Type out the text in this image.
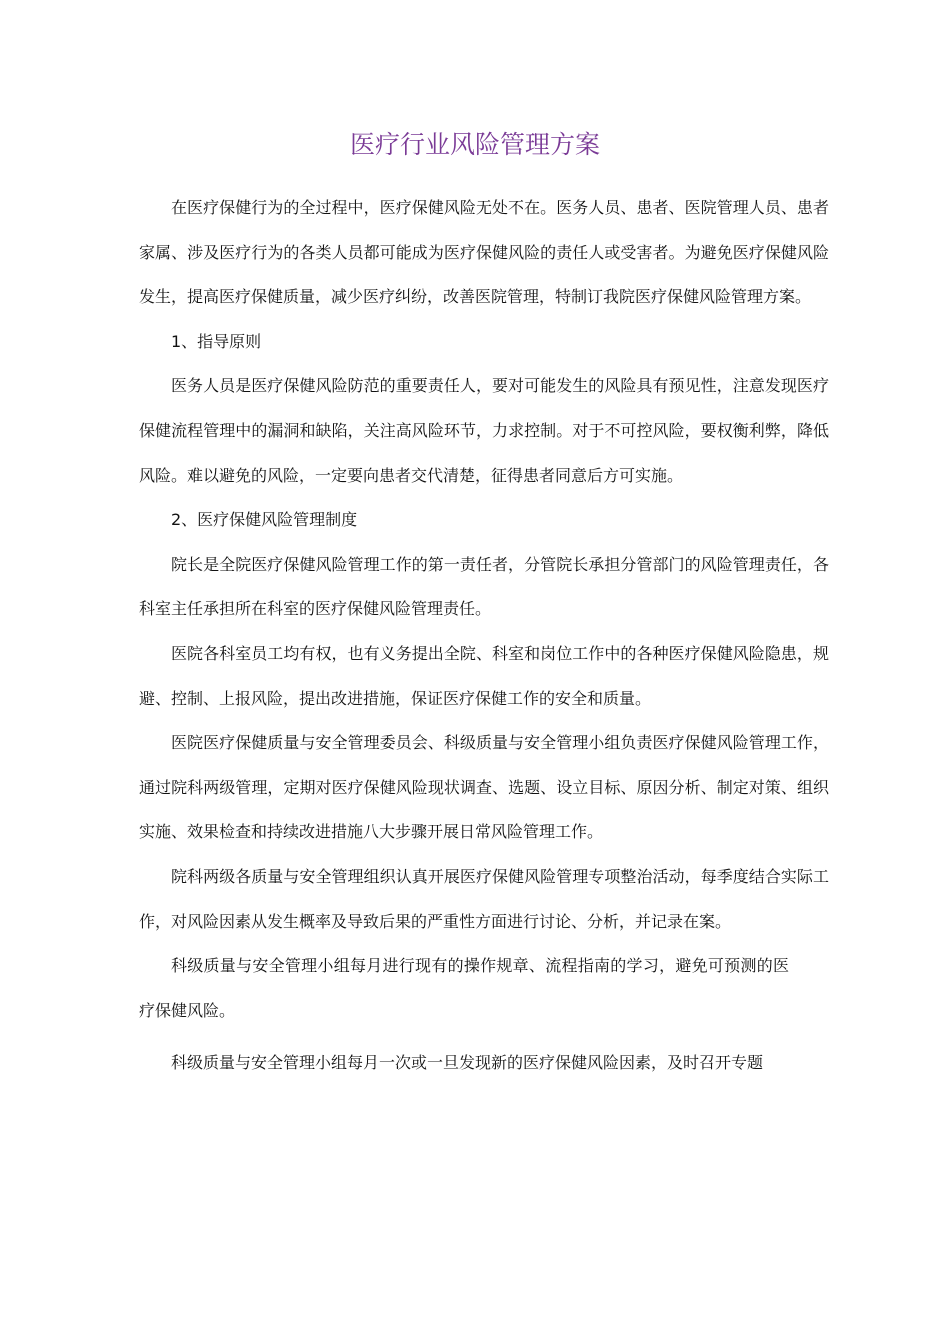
医疗行业风险管理方案

在医疗保健行为的全过程中，医疗保健风险无处不在。医务人员、患者、医院管理人员、患者家属、涉及医疗行为的各类人员都可能成为医疗保健风险的责任人或受害者。为避免医疗保健风险发生，提高医疗保健质量，减少医疗纠纷，改善医院管理，特制订我院医疗保健风险管理方案。

1、指导原则

医务人员是医疗保健风险防范的重要责任人，要对可能发生的风险具有预见性，注意发现医疗保健流程管理中的漏洞和缺陷，关注高风险环节，力求控制。对于不可控风险，要权衡利弊，降低风险。难以避免的风险，一定要向患者交代清楚，征得患者同意后方可实施。

2、医疗保健风险管理制度

院长是全院医疗保健风险管理工作的第一责任者，分管院长承担分管部门的风险管理责任，各科室主任承担所在科室的医疗保健风险管理责任。

医院各科室员工均有权，也有义务提出全院、科室和岗位工作中的各种医疗保健风险隐患，规避、控制、上报风险，提出改进措施，保证医疗保健工作的安全和质量。

医院医疗保健质量与安全管理委员会、科级质量与安全管理小组负责医疗保健风险管理工作，通过院科两级管理，定期对医疗保健风险现状调查、选题、设立目标、原因分析、制定对策、组织实施、效果检查和持续改进措施八大步骤开展日常风险管理工作。

院科两级各质量与安全管理组织认真开展医疗保健风险管理专项整治活动，每季度结合实际工作，对风险因素从发生概率及导致后果的严重性方面进行讨论、分析，并记录在案。

科级质量与安全管理小组每月进行现有的操作规章、流程指南的学习，避免可预测的医疗保健风险。

科级质量与安全管理小组每月一次或一旦发现新的医疗保健风险因素，及时召开专题
